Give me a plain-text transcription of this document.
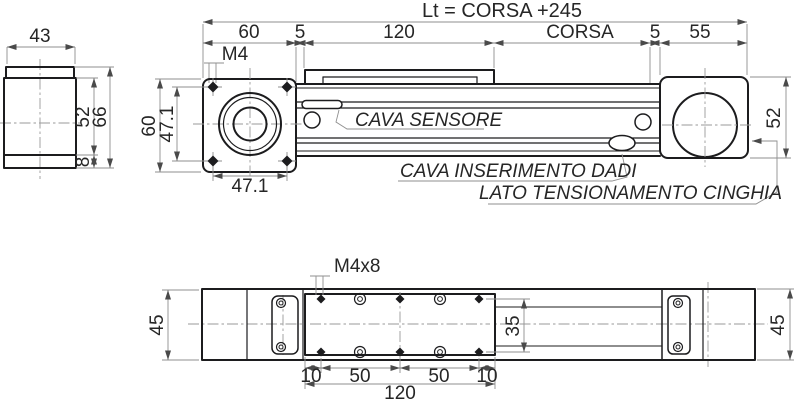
43
52
8
66
Lt = CORSA +245
60 5	120	CORSA 5 55
M4
60
47.1
47.1
52
CAVA SENSORE
CAVA INSERIMENTO DADI
LATO TENSIONAMENTO CINGHIA
M4x8
45	45
35
10 50	50 10
120
